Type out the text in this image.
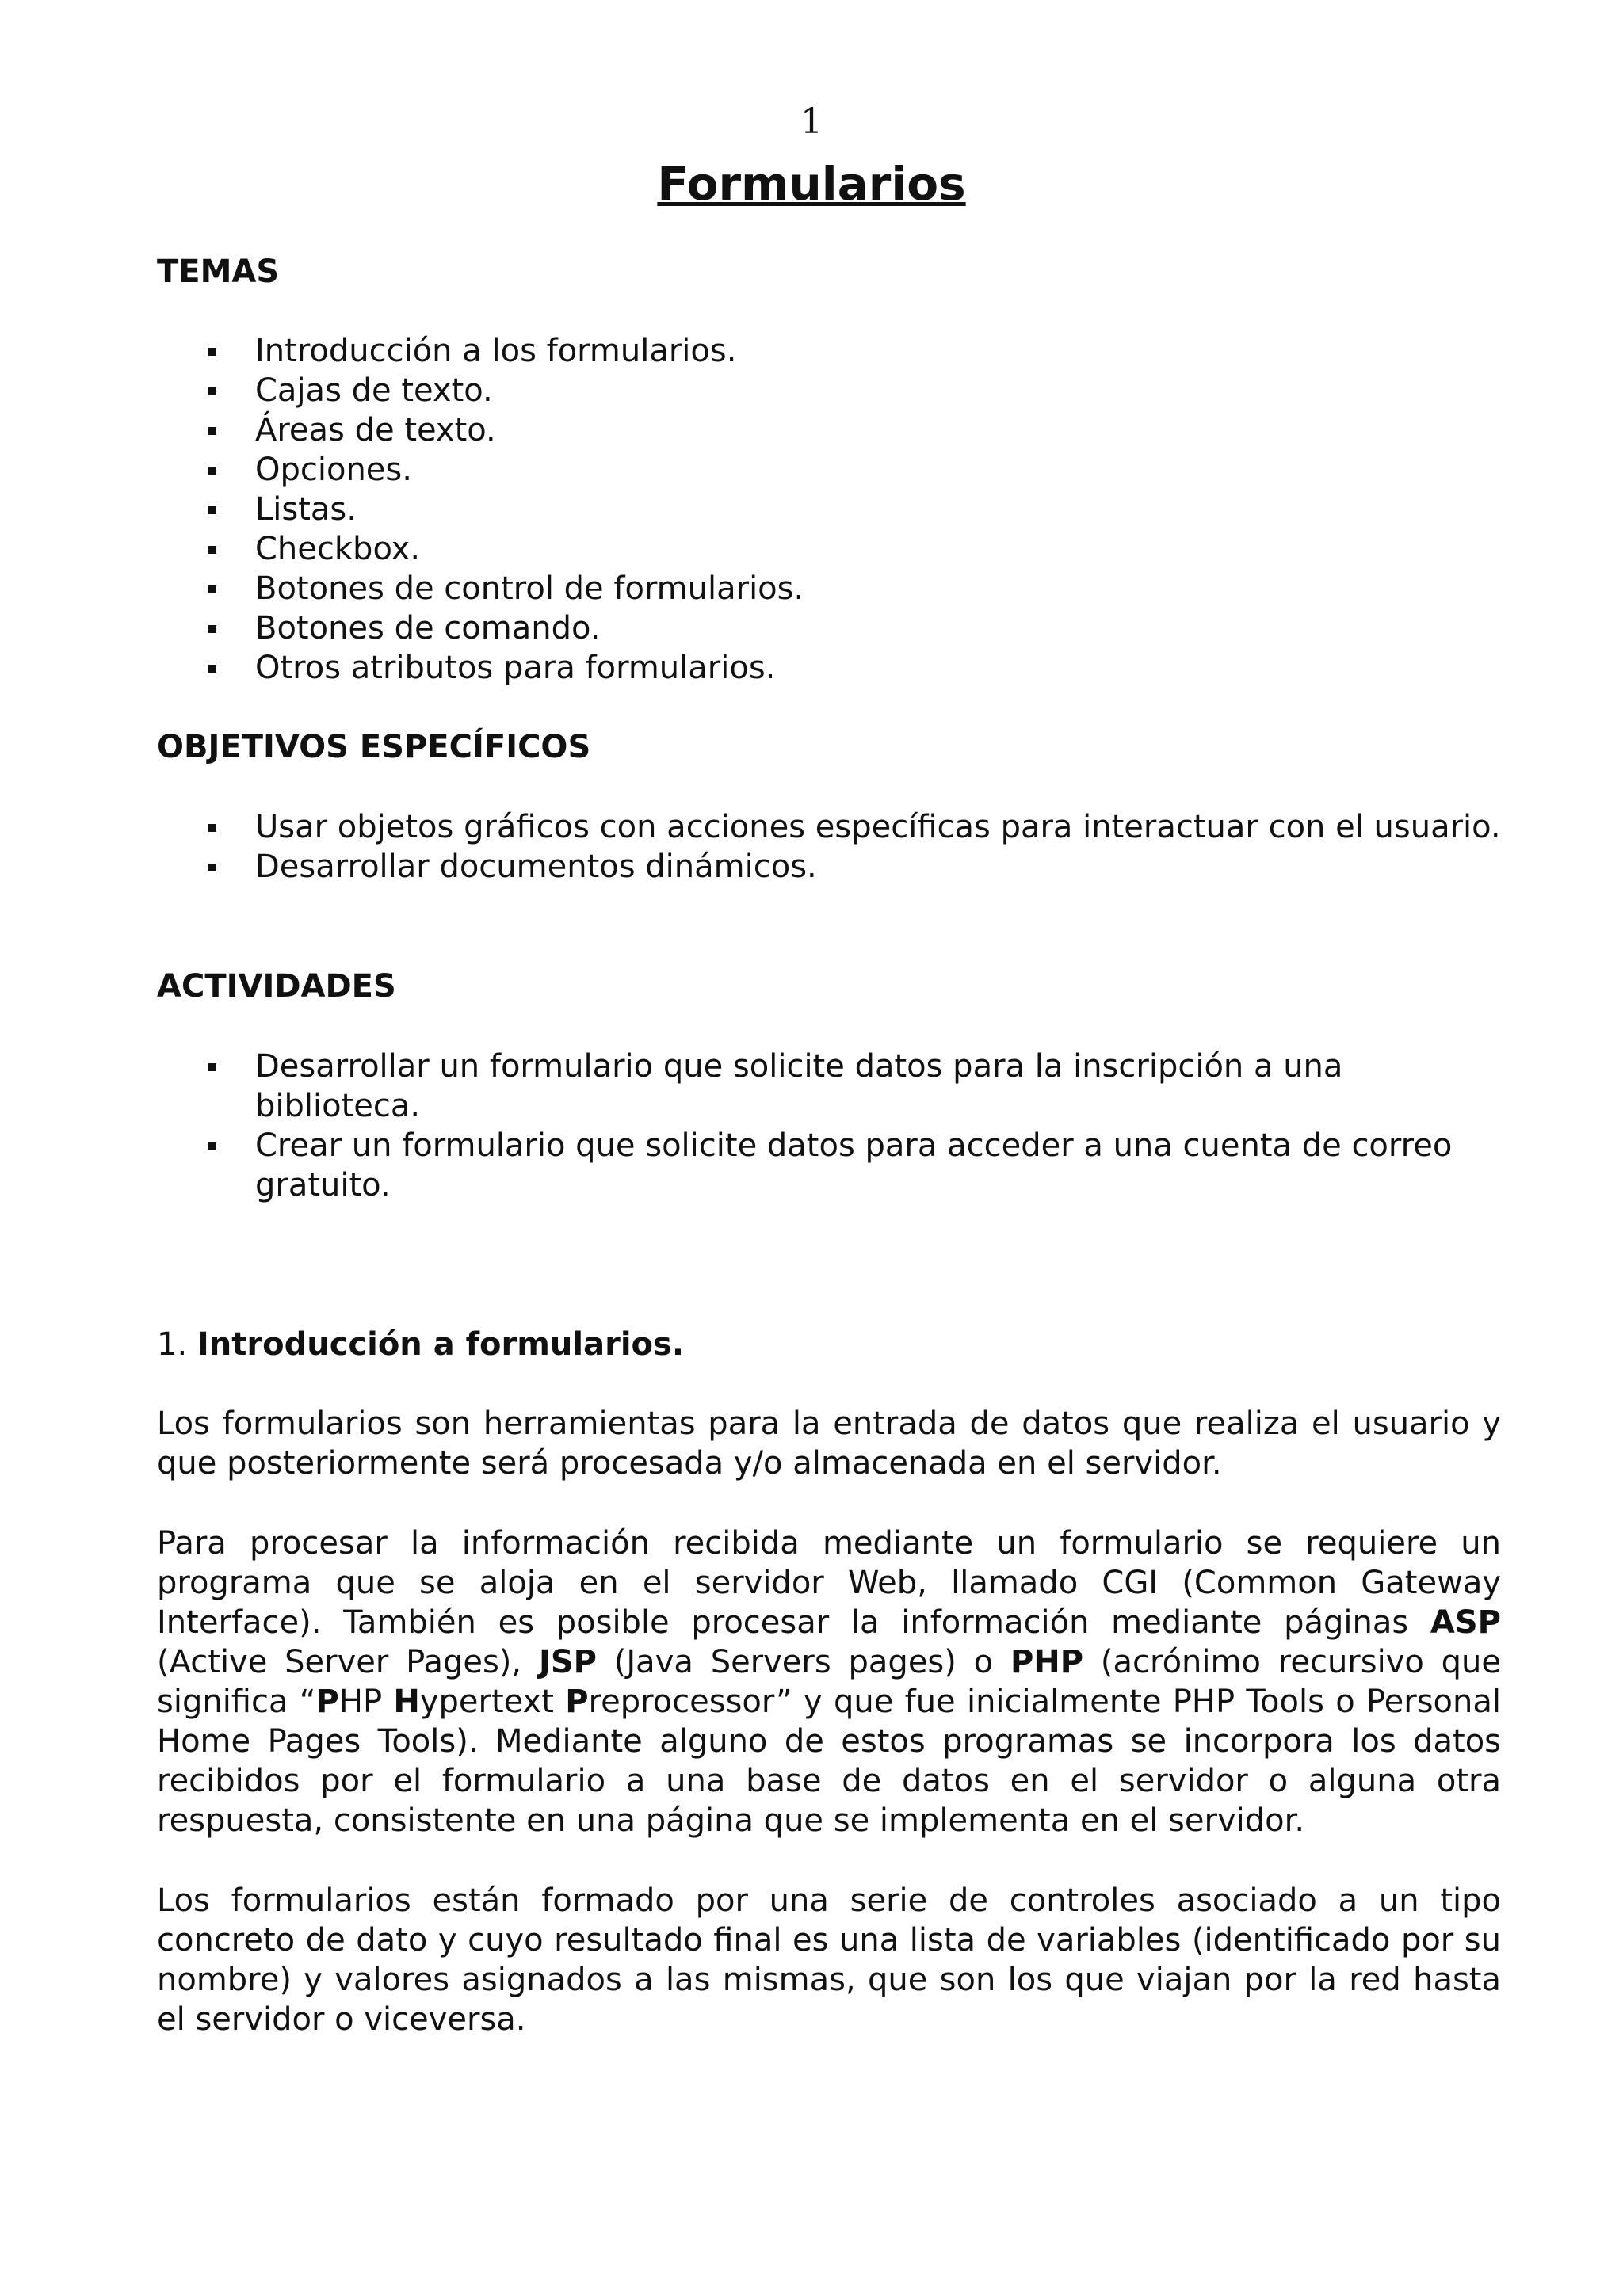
1
Formularios
TEMAS
Introducción a los formularios.
Cajas de texto.
Áreas de texto.
Opciones.
Listas.
Checkbox.
Botones de control de formularios.
Botones de comando.
Otros atributos para formularios.
OBJETIVOS ESPECÍFICOS
Usar objetos gráficos con acciones específicas para interactuar con el usuario.
Desarrollar documentos dinámicos.
ACTIVIDADES
Desarrollar un formulario que solicite datos para la inscripción a una biblioteca.
Crear un formulario que solicite datos para acceder a una cuenta de correo gratuito.
1. Introducción a formularios.

Los formularios son herramientas para la entrada de datos que realiza el usuario y que posteriormente será procesada y/o almacenada en el servidor.

Para procesar la información recibida mediante un formulario se requiere un programa que se aloja en el servidor Web, llamado CGI (Common Gateway Interface). También es posible procesar la información mediante páginas ASP (Active Server Pages), JSP (Java Servers pages) o PHP (acrónimo recursivo que significa “PHP Hypertext Preprocessor” y que fue inicialmente PHP Tools o Personal Home Pages Tools). Mediante alguno de estos programas se incorpora los datos recibidos por el formulario a una base de datos en el servidor o alguna otra respuesta, consistente en una página que se implementa en el servidor.

Los formularios están formado por una serie de controles asociado a un tipo concreto de dato y cuyo resultado final es una lista de variables (identificado por su nombre) y valores asignados a las mismas, que son los que viajan por la red hasta el servidor o viceversa.
